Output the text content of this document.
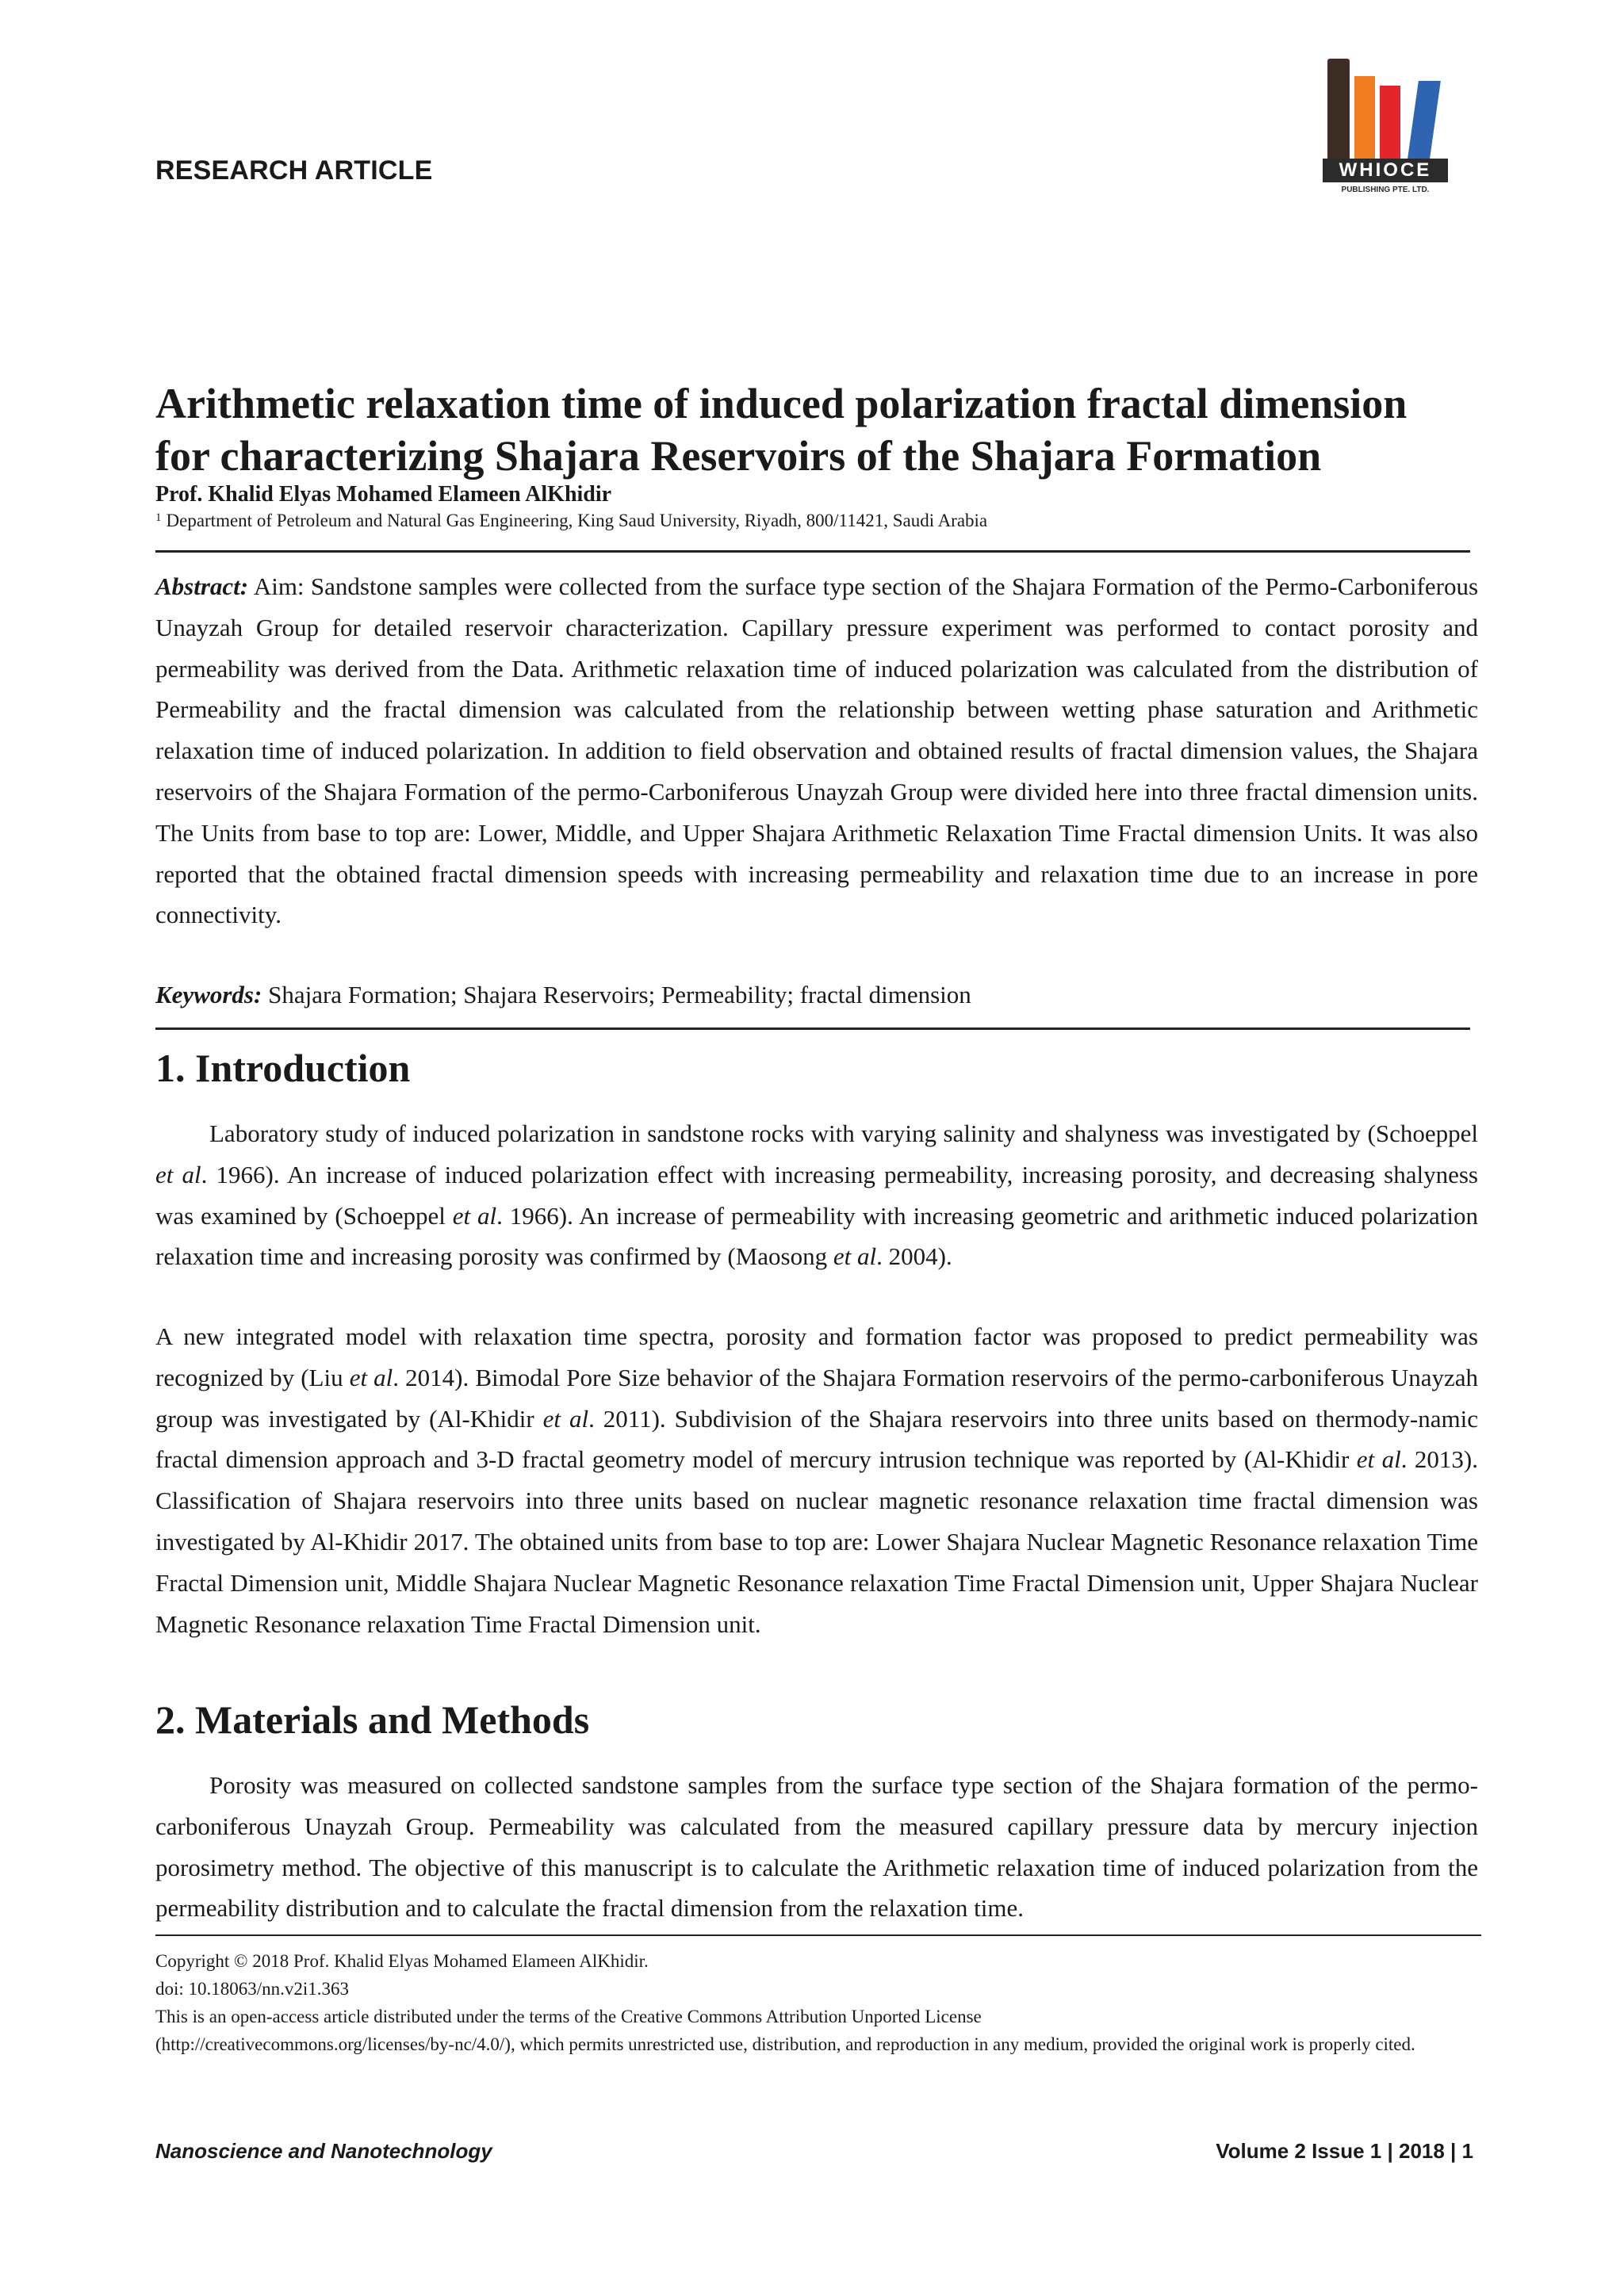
RESEARCH ARTICLE	WHIOCE
PUBLISHING PTE. LTD.
Arithmetic relaxation time of induced polarization fractal dimension
for characterizing Shajara Reservoirs of the Shajara Formation
Prof. Khalid Elyas Mohamed Elameen AlKhidir
$^1$ Department of Petroleum and Natural Gas Engineering, King Saud University, Riyadh, 800/11421, Saudi Arabia

Abstract: Aim: Sandstone samples were collected from the surface type section of the Shajara Formation of the Permo-Carboniferous Unayzah Group for detailed reservoir characterization. Capillary pressure experiment was performed to contact porosity and permeability was derived from the Data. Arithmetic relaxation time of induced polarization was calculated from the distribution of Permeability and the fractal dimension was calculated from the relationship between wetting phase saturation and Arithmetic relaxation time of induced polarization. In addition to field observation and obtained results of fractal dimension values, the Shajara reservoirs of the Shajara Formation of the permo-Carboniferous Unayzah Group were divided here into three fractal dimension units. The Units from base to top are: Lower, Middle, and Upper Shajara Arithmetic Relaxation Time Fractal dimension Units. It was also reported that the obtained fractal dimension speeds with increasing permeability and relaxation time due to an increase in pore connectivity.

Keywords: Shajara Formation; Shajara Reservoirs; Permeability; fractal dimension
1. Introduction

Laboratory study of induced polarization in sandstone rocks with varying salinity and shalyness was investigated by (Schoeppel et al. 1966). An increase of induced polarization effect with increasing permeability, increasing porosity, and decreasing shalyness was examined by (Schoeppel et al. 1966). An increase of permeability with increasing geometric and arithmetic induced polarization relaxation time and increasing porosity was confirmed by (Maosong et al. 2004).

A new integrated model with relaxation time spectra, porosity and formation factor was proposed to predict permeability was recognized by (Liu et al. 2014). Bimodal Pore Size behavior of the Shajara Formation reservoirs of the permo-carboniferous Unayzah group was investigated by (Al-Khidir et al. 2011). Subdivision of the Shajara reservoirs into three units based on thermody-namic fractal dimension approach and 3-D fractal geometry model of mercury intrusion technique was reported by (Al-Khidir et al. 2013). Classification of Shajara reservoirs into three units based on nuclear magnetic resonance relaxation time fractal dimension was investigated by Al-Khidir 2017. The obtained units from base to top are: Lower Shajara Nuclear Magnetic Resonance relaxation Time Fractal Dimension unit, Middle Shajara Nuclear Magnetic Resonance relaxation Time Fractal Dimension unit, Upper Shajara Nuclear Magnetic Resonance relaxation Time Fractal Dimension unit.

2. Materials and Methods

Porosity was measured on collected sandstone samples from the surface type section of the Shajara formation of the permo-carboniferous Unayzah Group. Permeability was calculated from the measured capillary pressure data by mercury injection porosimetry method. The objective of this manuscript is to calculate the Arithmetic relaxation time of induced polarization from the permeability distribution and to calculate the fractal dimension from the relaxation time.

Copyright © 2018 Prof. Khalid Elyas Mohamed Elameen AlKhidir.
doi: 10.18063/nn.v2i1.363
This is an open-access article distributed under the terms of the Creative Commons Attribution Unported License
(http://creativecommons.org/licenses/by-nc/4.0/), which permits unrestricted use, distribution, and reproduction in any medium, provided the original work is properly cited.
Nanoscience and Nanotechnology	Volume 2 Issue 1 | 2018 | 1
